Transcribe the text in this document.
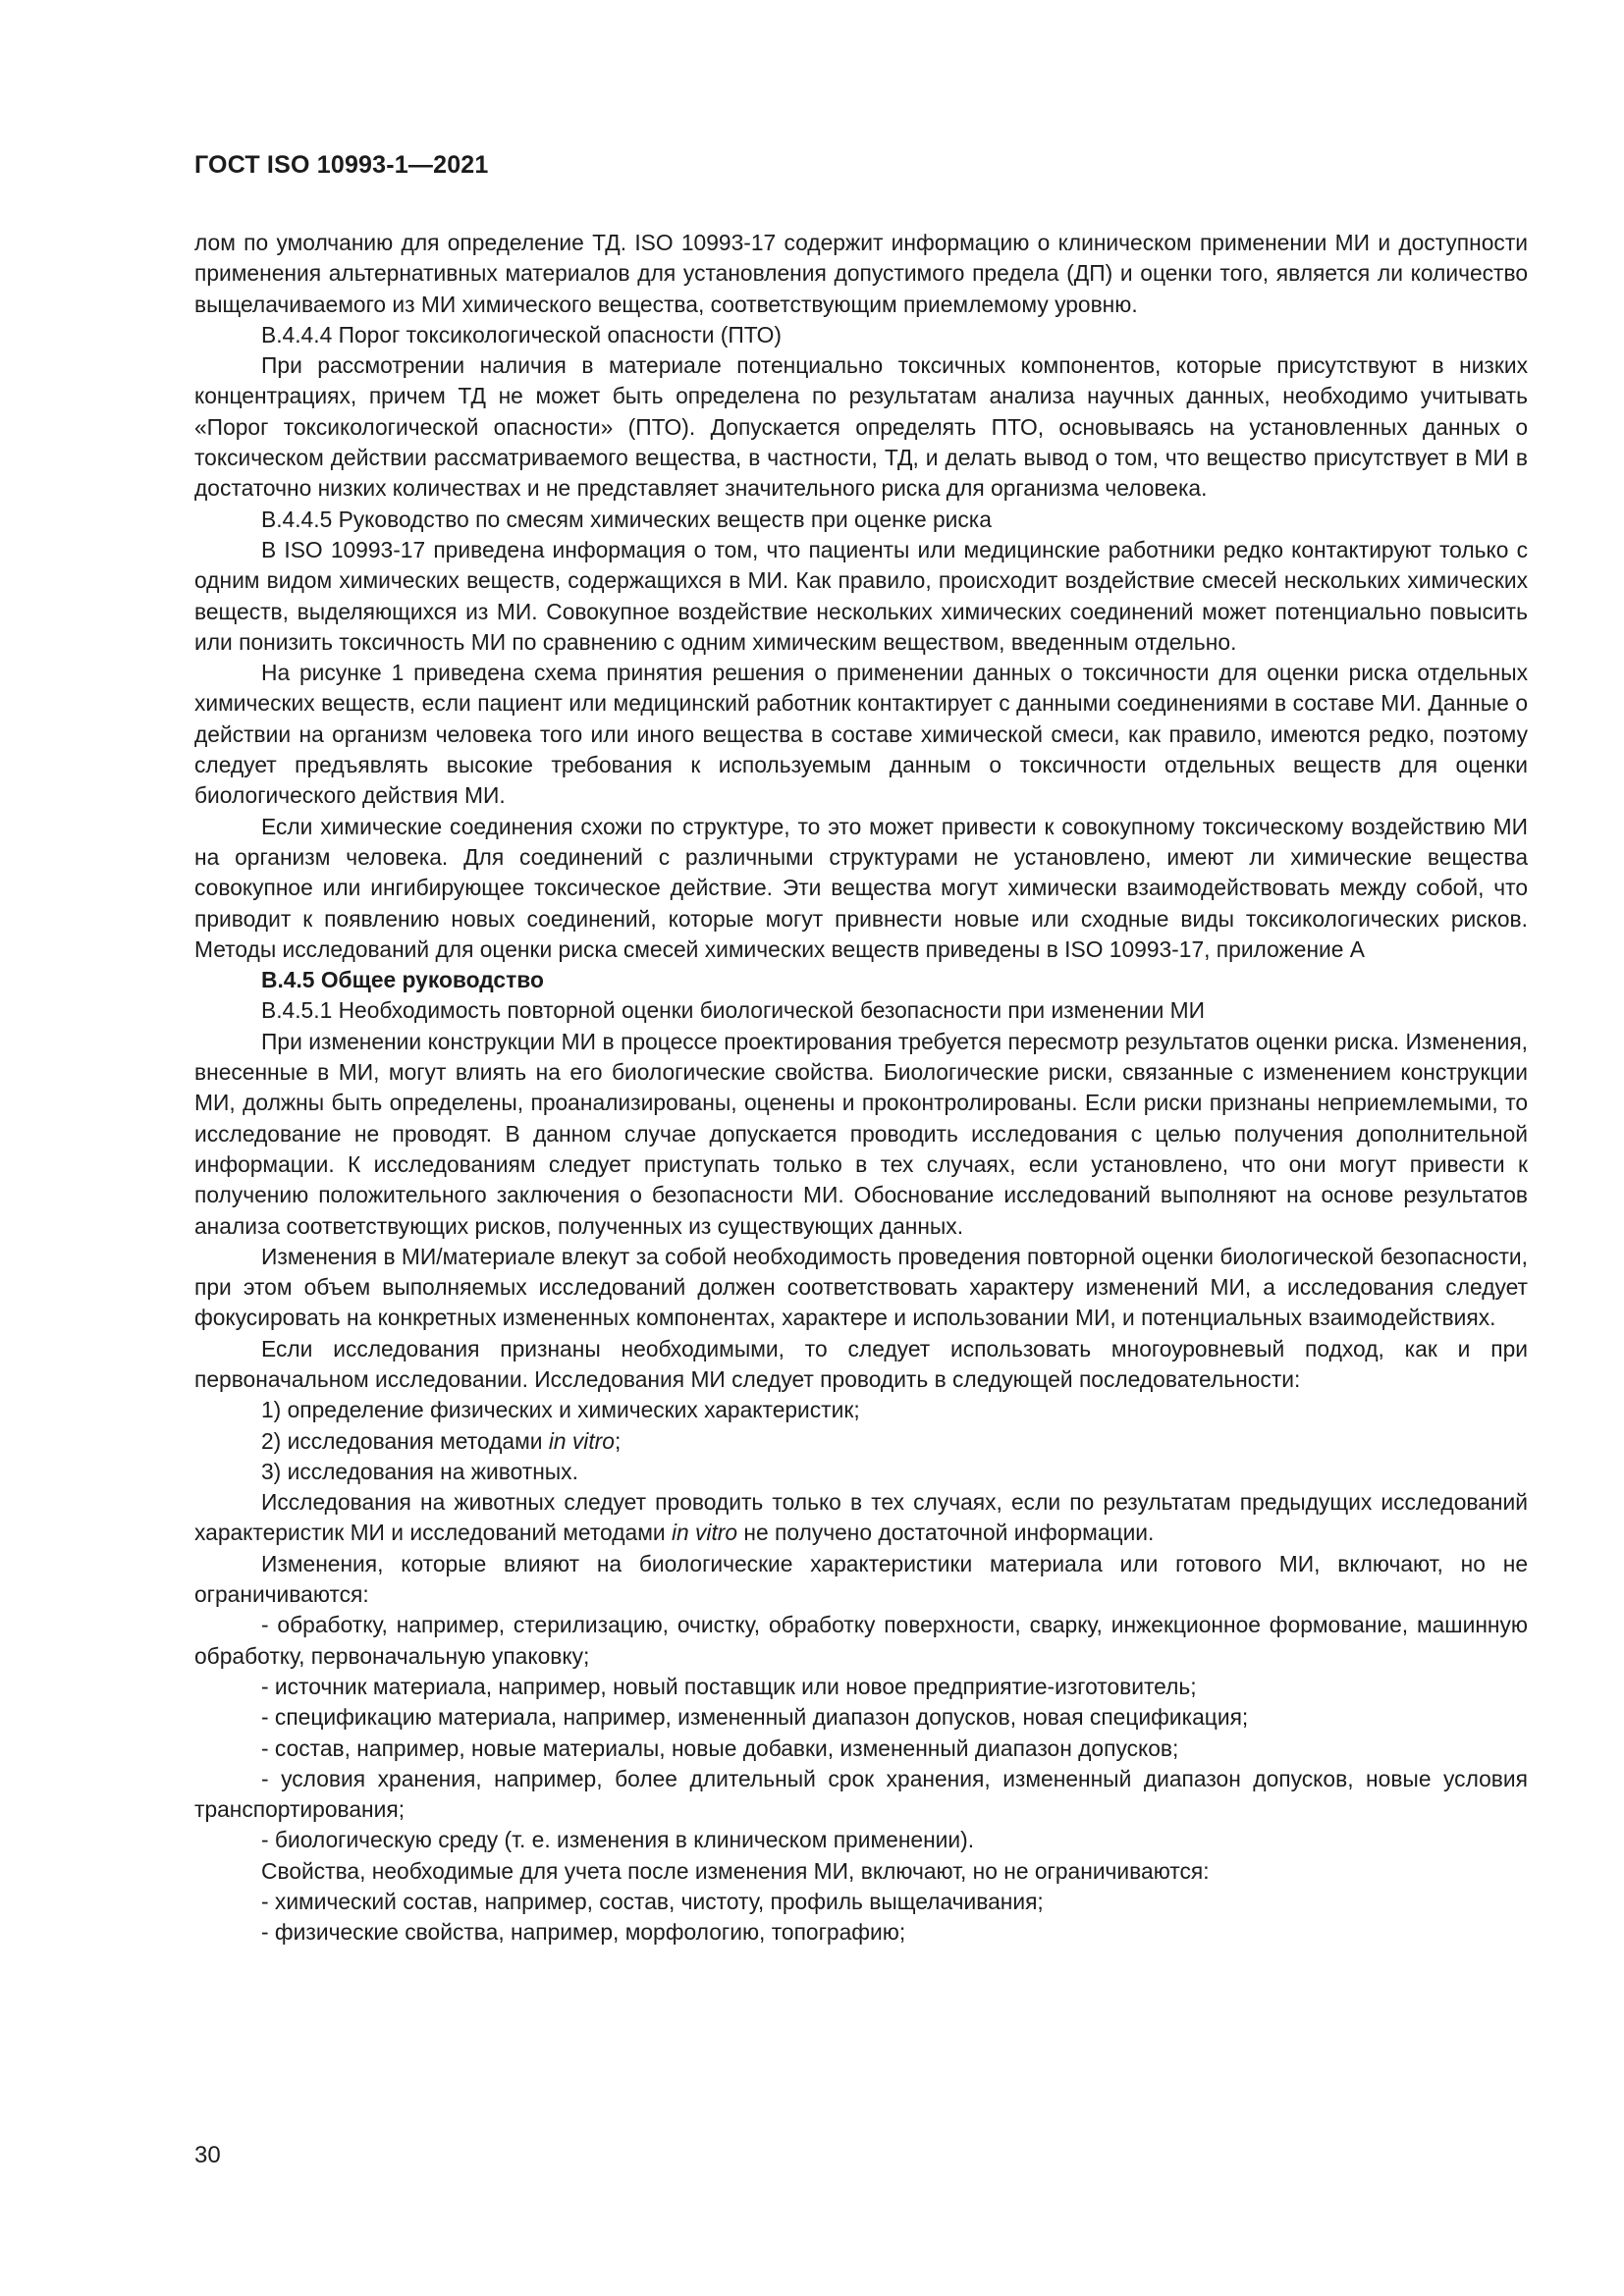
ГОСТ ISO 10993-1—2021

лом по умолчанию для определение ТД. ISO 10993-17 содержит информацию о клиническом применении МИ и доступности применения альтернативных материалов для установления допустимого предела (ДП) и оценки того, является ли количество выщелачиваемого из МИ химического вещества, соответствующим приемлемому уровню.

В.4.4.4 Порог токсикологической опасности (ПТО)

При рассмотрении наличия в материале потенциально токсичных компонентов, которые присутствуют в низких концентрациях, причем ТД не может быть определена по результатам анализа научных данных, необходимо учитывать «Порог токсикологической опасности» (ПТО). Допускается определять ПТО, основываясь на установленных данных о токсическом действии рассматриваемого вещества, в частности, ТД, и делать вывод о том, что вещество присутствует в МИ в достаточно низких количествах и не представляет значительного риска для организма человека.

В.4.4.5 Руководство по смесям химических веществ при оценке риска

В ISO 10993-17 приведена информация о том, что пациенты или медицинские работники редко контактируют только с одним видом химических веществ, содержащихся в МИ. Как правило, происходит воздействие смесей нескольких химических веществ, выделяющихся из МИ. Совокупное воздействие нескольких химических соединений может потенциально повысить или понизить токсичность МИ по сравнению с одним химическим веществом, введенным отдельно.

На рисунке 1 приведена схема принятия решения о применении данных о токсичности для оценки риска отдельных химических веществ, если пациент или медицинский работник контактирует с данными соединениями в составе МИ. Данные о действии на организм человека того или иного вещества в составе химической смеси, как правило, имеются редко, поэтому следует предъявлять высокие требования к используемым данным о токсичности отдельных веществ для оценки биологического действия МИ.

Если химические соединения схожи по структуре, то это может привести к совокупному токсическому воздействию МИ на организм человека. Для соединений с различными структурами не установлено, имеют ли химические вещества совокупное или ингибирующее токсическое действие. Эти вещества могут химически взаимодействовать между собой, что приводит к появлению новых соединений, которые могут привнести новые или сходные виды токсикологических рисков. Методы исследований для оценки риска смесей химических веществ приведены в ISO 10993-17, приложение А

В.4.5 Общее руководство

В.4.5.1 Необходимость повторной оценки биологической безопасности при изменении МИ

При изменении конструкции МИ в процессе проектирования требуется пересмотр результатов оценки риска. Изменения, внесенные в МИ, могут влиять на его биологические свойства. Биологические риски, связанные с изменением конструкции МИ, должны быть определены, проанализированы, оценены и проконтролированы. Если риски признаны неприемлемыми, то исследование не проводят. В данном случае допускается проводить исследования с целью получения дополнительной информации. К исследованиям следует приступать только в тех случаях, если установлено, что они могут привести к получению положительного заключения о безопасности МИ. Обоснование исследований выполняют на основе результатов анализа соответствующих рисков, полученных из существующих данных.

Изменения в МИ/материале влекут за собой необходимость проведения повторной оценки биологической безопасности, при этом объем выполняемых исследований должен соответствовать характеру изменений МИ, а исследования следует фокусировать на конкретных измененных компонентах, характере и использовании МИ, и потенциальных взаимодействиях.

Если исследования признаны необходимыми, то следует использовать многоуровневый подход, как и при первоначальном исследовании. Исследования МИ следует проводить в следующей последовательности:

1) определение физических и химических характеристик;

2) исследования методами in vitro;

3) исследования на животных.

Исследования на животных следует проводить только в тех случаях, если по результатам предыдущих исследований характеристик МИ и исследований методами in vitro не получено достаточной информации.

Изменения, которые влияют на биологические характеристики материала или готового МИ, включают, но не ограничиваются:

- обработку, например, стерилизацию, очистку, обработку поверхности, сварку, инжекционное формование, машинную обработку, первоначальную упаковку;

- источник материала, например, новый поставщик или новое предприятие-изготовитель;

- спецификацию материала, например, измененный диапазон допусков, новая спецификация;

- состав, например, новые материалы, новые добавки, измененный диапазон допусков;

- условия хранения, например, более длительный срок хранения, измененный диапазон допусков, новые условия транспортирования;

- биологическую среду (т. е. изменения в клиническом применении).

Свойства, необходимые для учета после изменения МИ, включают, но не ограничиваются:

- химический состав, например, состав, чистоту, профиль выщелачивания;

- физические свойства, например, морфологию, топографию;

30
